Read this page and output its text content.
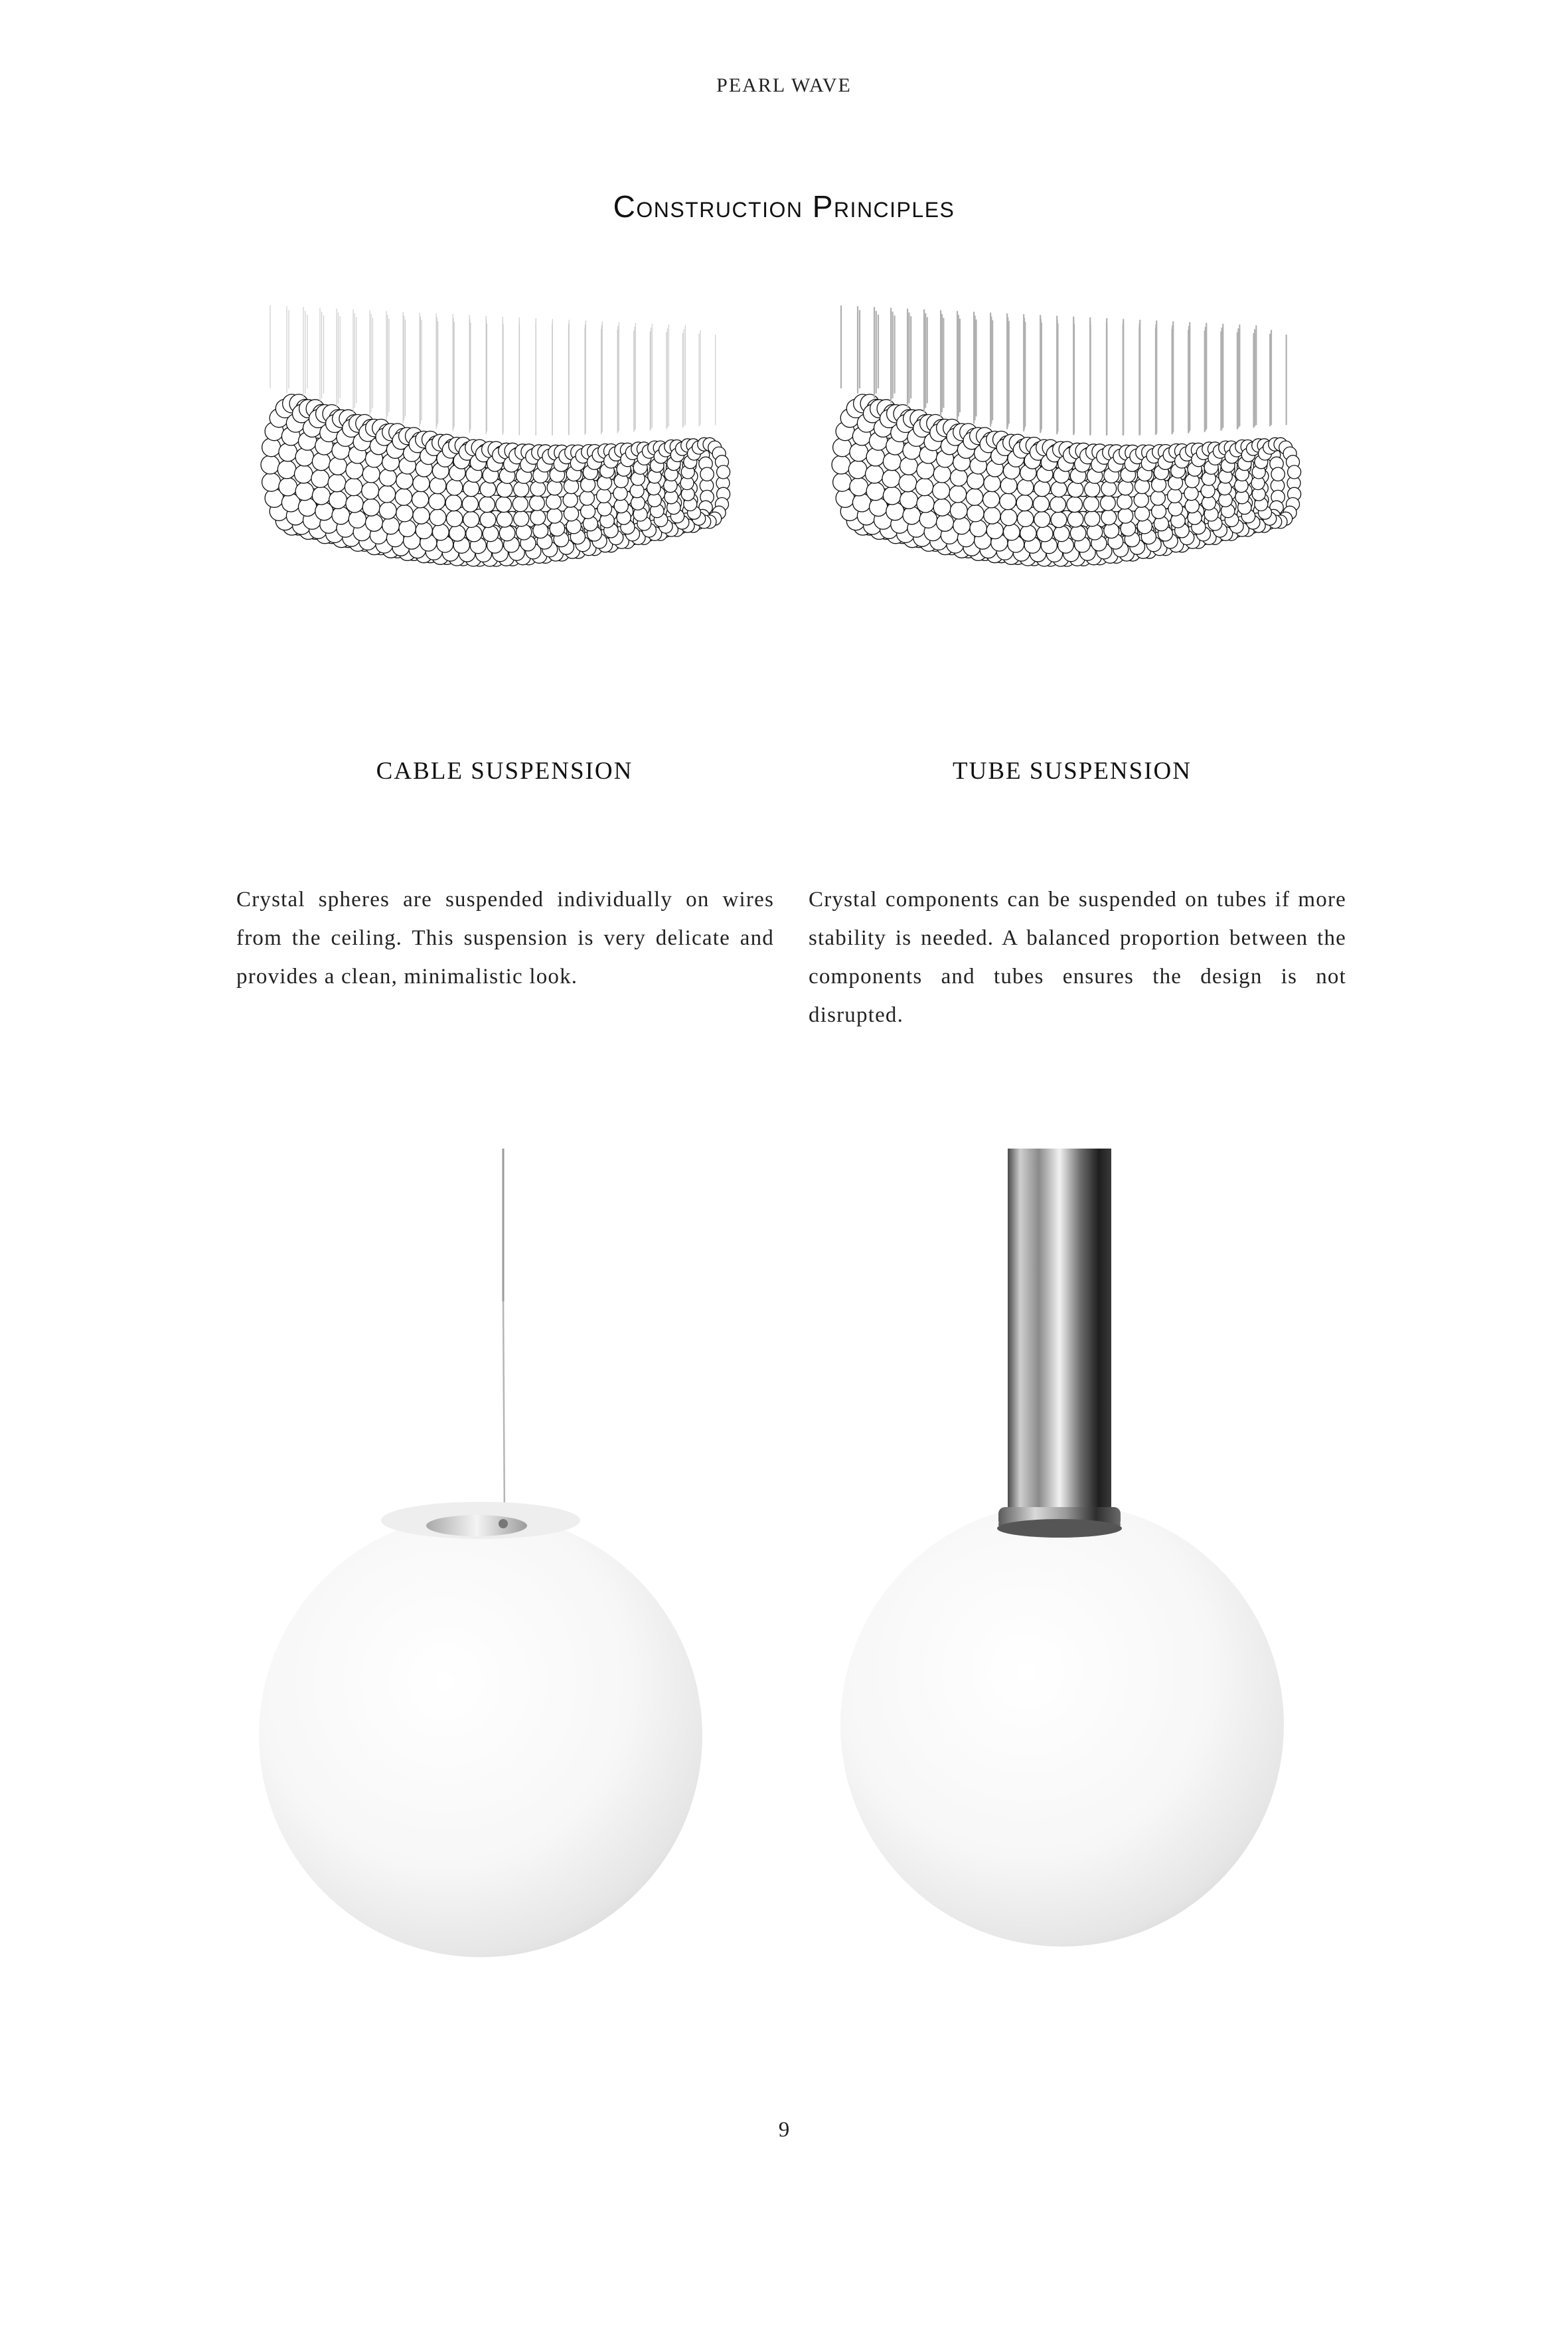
PEARL WAVE
Construction Principles
CABLE SUSPENSION	TUBE SUSPENSION

Crystal spheres are suspended individually on wires from the ceiling. This suspension is very delicate and provides a clean, minimalistic look.

Crystal components can be suspended on tubes if more stability is needed. A balanced proportion between the components and tubes ensures the design is not disrupted.

9
